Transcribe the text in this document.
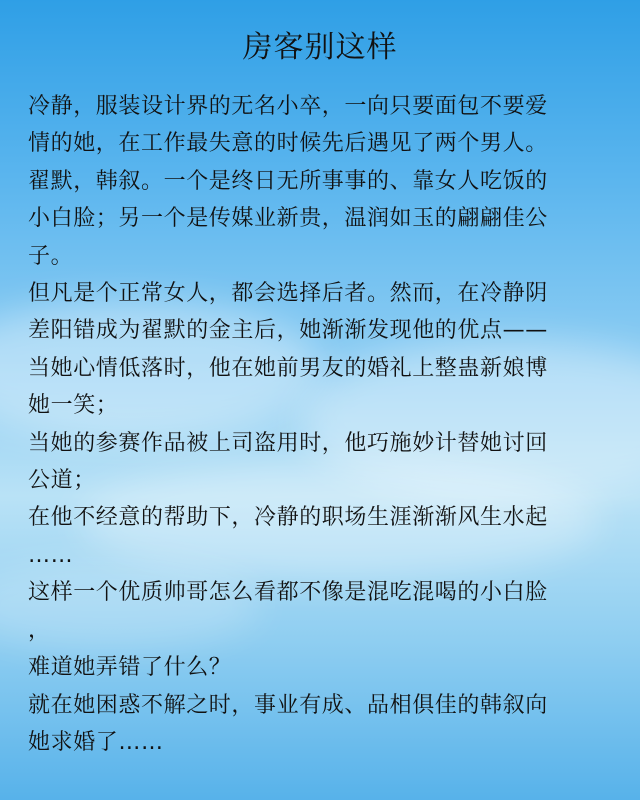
房客别这样

冷静，服装设计界的无名小卒，一向只要面包不要爱
情的她，在工作最失意的时候先后遇见了两个男人。

翟默，韩叙。一个是终日无所事事的、靠女人吃饭的
小白脸；另一个是传媒业新贵，温润如玉的翩翩佳公
子。

但凡是个正常女人，都会选择后者。然而，在冷静阴
差阳错成为翟默的金主后，她渐渐发现他的优点——

当她心情低落时，他在她前男友的婚礼上整蛊新娘博
她一笑；

当她的参赛作品被上司盗用时，他巧施妙计替她讨回
公道；

在他不经意的帮助下，冷静的职场生涯渐渐风生水起
……

这样一个优质帅哥怎么看都不像是混吃混喝的小白脸
，

难道她弄错了什么？

就在她困惑不解之时，事业有成、品相俱佳的韩叙向
她求婚了……
